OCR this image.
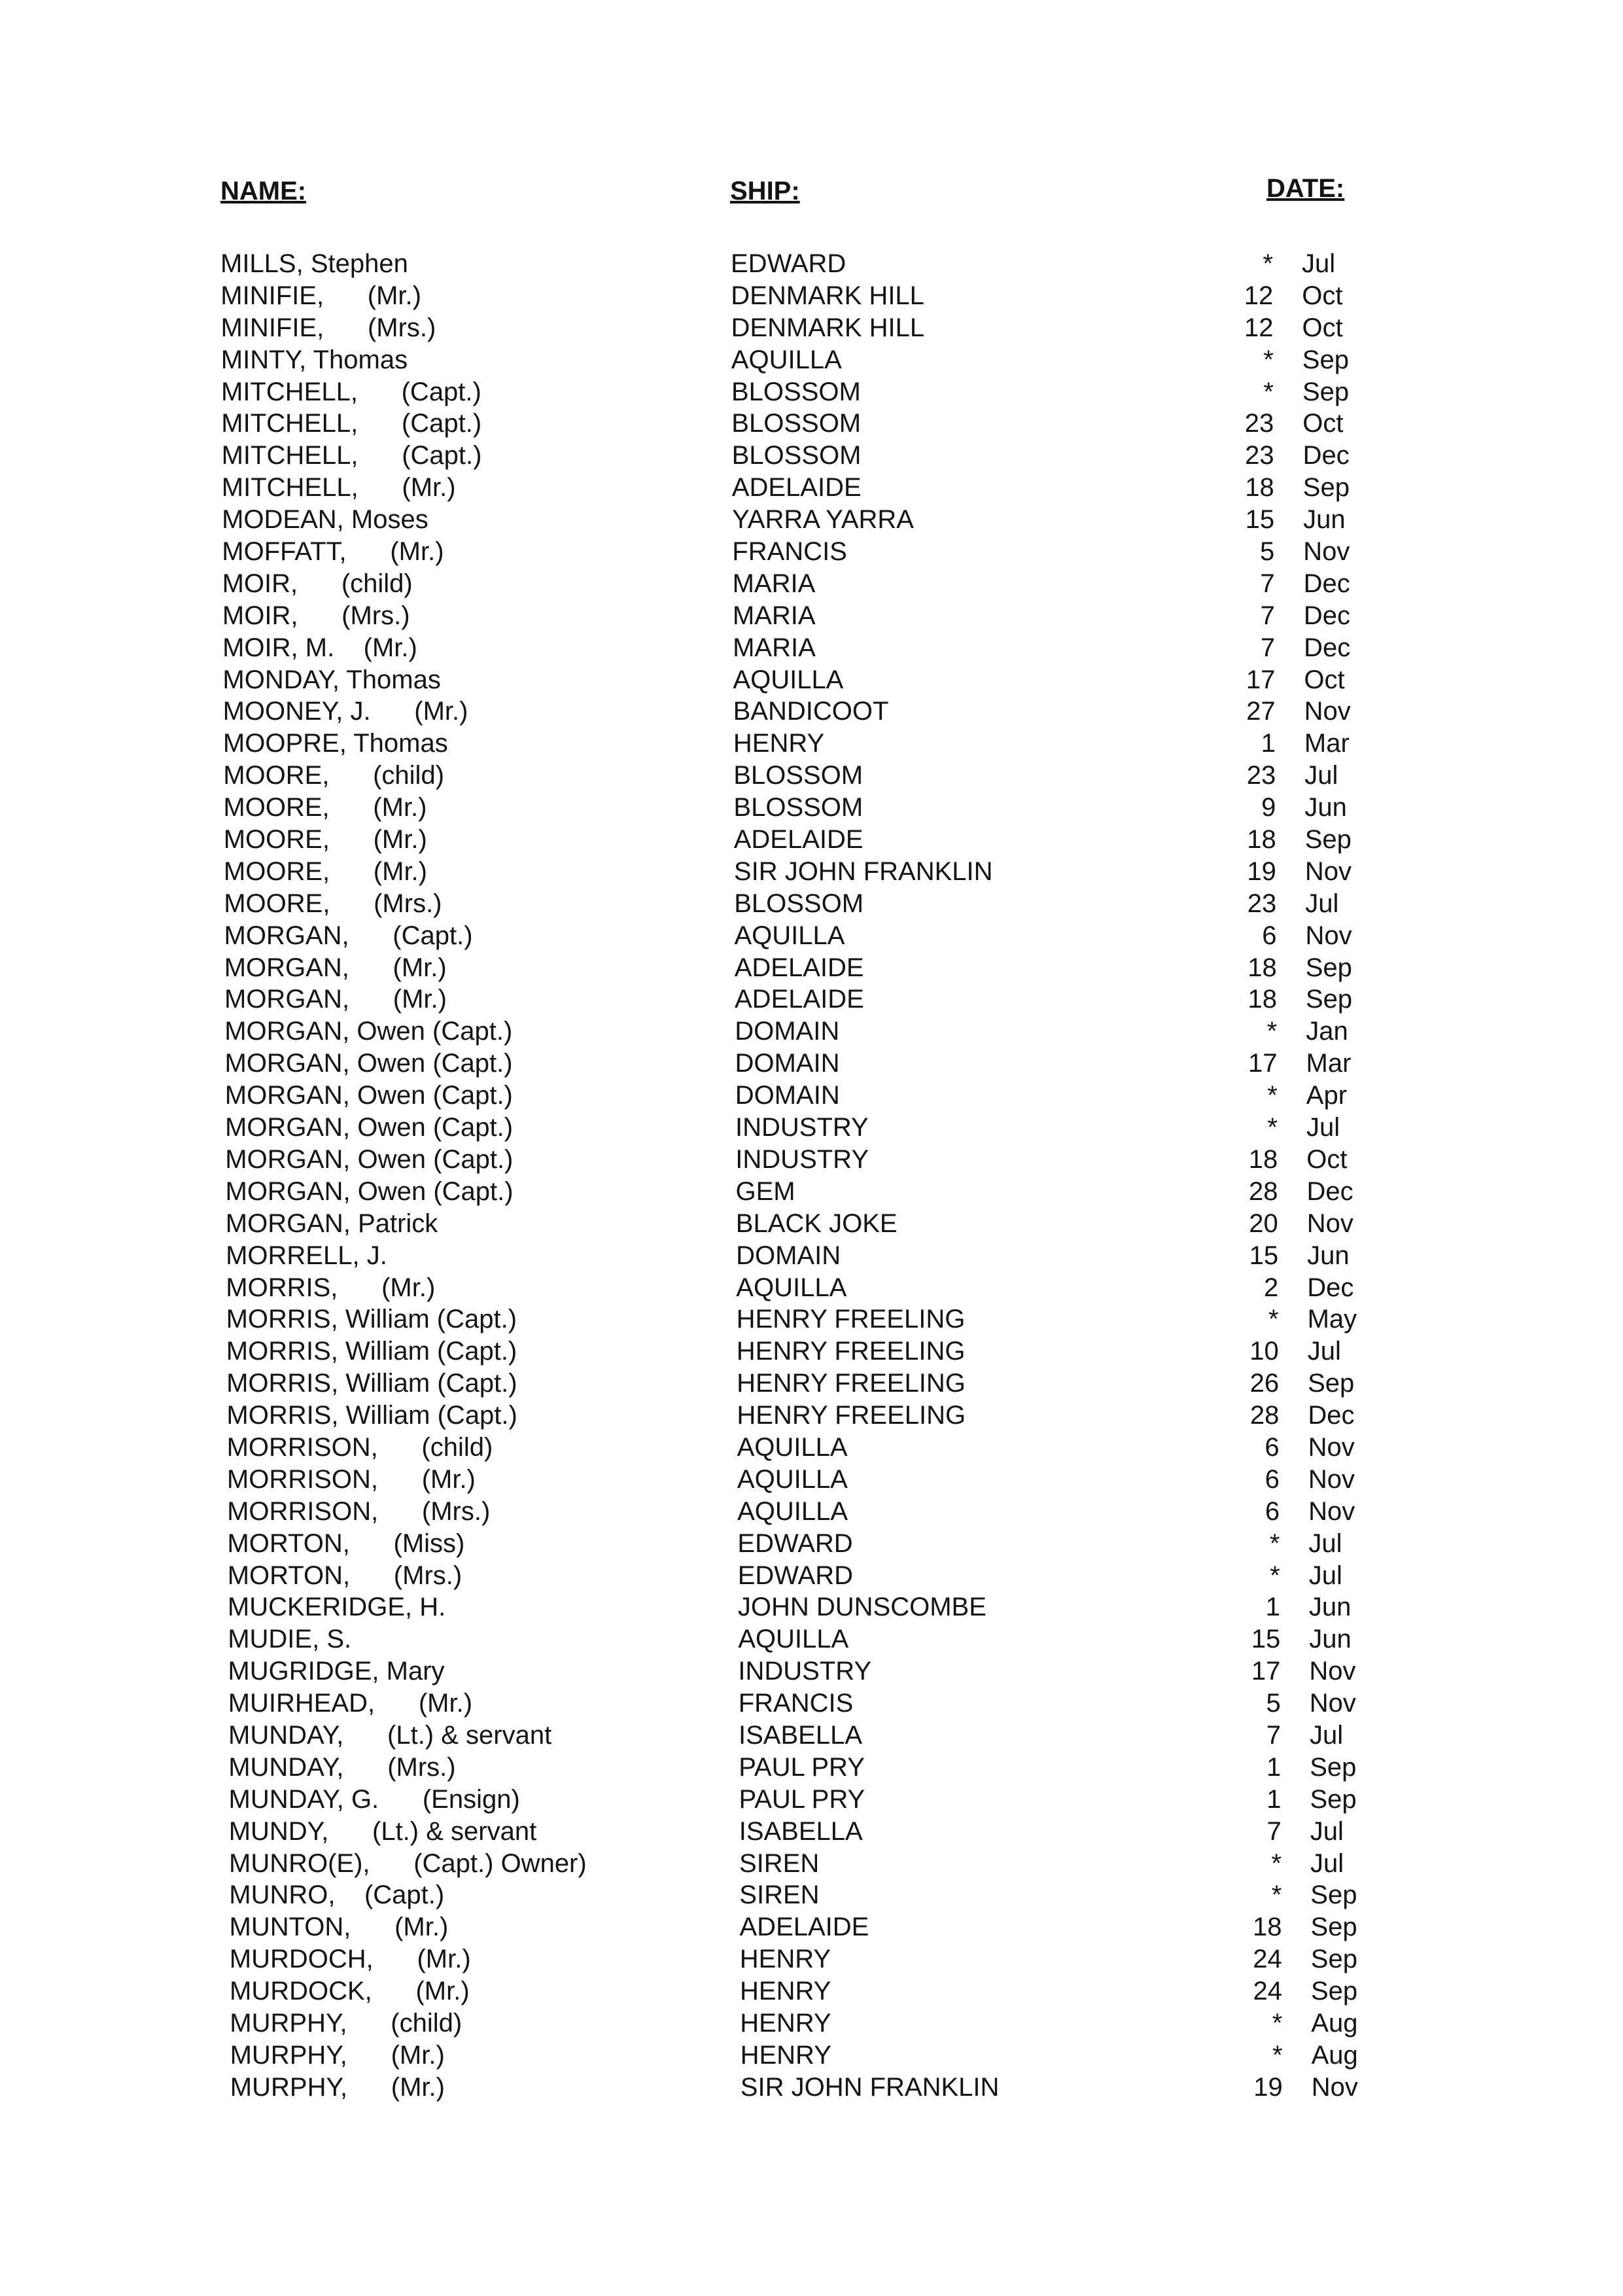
NAME:	SHIP:	DATE:
MILLS, Stephen	EDWARD	* Jul
MINIFIE,      (Mr.)	DENMARK HILL	12 Oct
MINIFIE,      (Mrs.)	DENMARK HILL	12 Oct
MINTY, Thomas	AQUILLA	* Sep
MITCHELL,      (Capt.)	BLOSSOM	* Sep
MITCHELL,      (Capt.)	BLOSSOM	23 Oct
MITCHELL,      (Capt.)	BLOSSOM	23 Dec
MITCHELL,      (Mr.)	ADELAIDE	18 Sep
MODEAN, Moses	YARRA YARRA	15 Jun
MOFFATT,      (Mr.)	FRANCIS	5 Nov
MOIR,      (child)	MARIA	7 Dec
MOIR,      (Mrs.)	MARIA	7 Dec
MOIR, M.    (Mr.)	MARIA	7 Dec
MONDAY, Thomas	AQUILLA	17 Oct
MOONEY, J.      (Mr.)	BANDICOOT	27 Nov
MOOPRE, Thomas	HENRY	1 Mar
MOORE,      (child)	BLOSSOM	23 Jul
MOORE,      (Mr.)	BLOSSOM	9 Jun
MOORE,      (Mr.)	ADELAIDE	18 Sep
MOORE,      (Mr.)	SIR JOHN FRANKLIN	19 Nov
MOORE,      (Mrs.)	BLOSSOM	23 Jul
MORGAN,      (Capt.)	AQUILLA	6 Nov
MORGAN,      (Mr.)	ADELAIDE	18 Sep
MORGAN,      (Mr.)	ADELAIDE	18 Sep
MORGAN, Owen (Capt.)	DOMAIN	* Jan
MORGAN, Owen (Capt.)	DOMAIN	17 Mar
MORGAN, Owen (Capt.)	DOMAIN	* Apr
MORGAN, Owen (Capt.)	INDUSTRY	* Jul
MORGAN, Owen (Capt.)	INDUSTRY	18 Oct
MORGAN, Owen (Capt.)	GEM	28 Dec
MORGAN, Patrick	BLACK JOKE	20 Nov
MORRELL, J.	DOMAIN	15 Jun
MORRIS,      (Mr.)	AQUILLA	2 Dec
MORRIS, William (Capt.)	HENRY FREELING	* May
MORRIS, William (Capt.)	HENRY FREELING	10 Jul
MORRIS, William (Capt.)	HENRY FREELING	26 Sep
MORRIS, William (Capt.)	HENRY FREELING	28 Dec
MORRISON,      (child)	AQUILLA	6 Nov
MORRISON,      (Mr.)	AQUILLA	6 Nov
MORRISON,      (Mrs.)	AQUILLA	6 Nov
MORTON,      (Miss)	EDWARD	* Jul
MORTON,      (Mrs.)	EDWARD	* Jul
MUCKERIDGE, H.	JOHN DUNSCOMBE	1 Jun
MUDIE, S.	AQUILLA	15 Jun
MUGRIDGE, Mary	INDUSTRY	17 Nov
MUIRHEAD,      (Mr.)	FRANCIS	5 Nov
MUNDAY,      (Lt.) & servant	ISABELLA	7 Jul
MUNDAY,      (Mrs.)	PAUL PRY	1 Sep
MUNDAY, G.      (Ensign)	PAUL PRY	1 Sep
MUNDY,      (Lt.) & servant	ISABELLA	7 Jul
MUNRO(E),      (Capt.) Owner)	SIREN	* Jul
MUNRO,    (Capt.)	SIREN	* Sep
MUNTON,      (Mr.)	ADELAIDE	18 Sep
MURDOCH,      (Mr.)	HENRY	24 Sep
MURDOCK,      (Mr.)	HENRY	24 Sep
MURPHY,      (child)	HENRY	* Aug
MURPHY,      (Mr.)	HENRY	* Aug
MURPHY,      (Mr.)	SIR JOHN FRANKLIN	19 Nov
